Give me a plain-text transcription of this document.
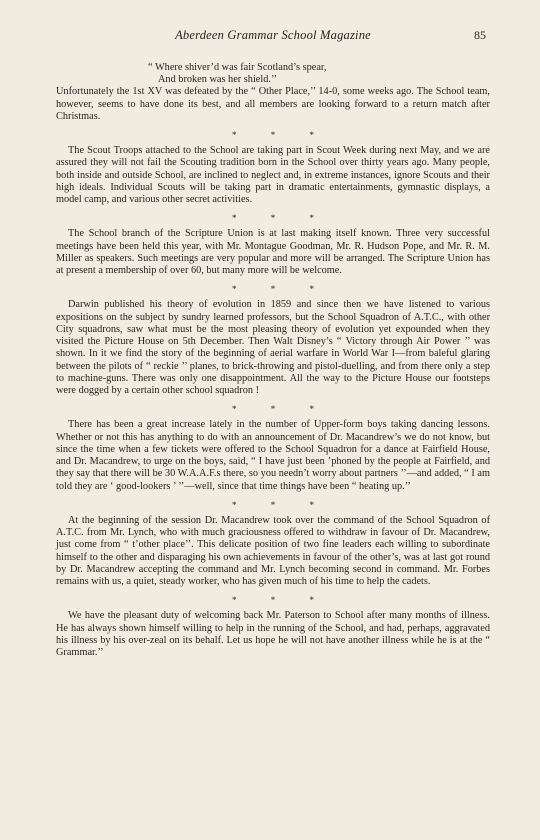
Aberdeen Grammar School Magazine	85
“ Where shiver’d was fair Scotland’s spear,
And broken was her shield.’’

Unfortunately the 1st XV was defeated by the “ Other Place,’’ 14-0, some weeks ago. The School team, however, seems to have done its best, and all members are looking forward to a return match after Christmas.

* * *

The Scout Troops attached to the School are taking part in Scout Week during next May, and we are assured they will not fail the Scouting tradition born in the School over thirty years ago. Many people, both inside and outside School, are inclined to neglect and, in extreme instances, ignore Scouts and their high ideals. Individual Scouts will be taking part in dramatic entertainments, gymnastic displays, a model camp, and various other secret activities.

* * *

The School branch of the Scripture Union is at last making itself known. Three very successful meetings have been held this year, with Mr. Montague Goodman, Mr. R. Hudson Pope, and Mr. R. M. Miller as speakers. Such meetings are very popular and more will be arranged. The Scripture Union has at present a membership of over 60, but many more will be welcome.

* * *

Darwin published his theory of evolution in 1859 and since then we have listened to various expositions on the subject by sundry learned professors, but the School Squadron of A.T.C., with other City squadrons, saw what must be the most pleasing theory of evolution yet expounded when they visited the Picture House on 5th December. Then Walt Disney’s “ Victory through Air Power ’’ was shown. In it we find the story of the beginning of aerial warfare in World War I—from baleful glaring between the pilots of “ reckie ’’ planes, to brick-throwing and pistol-duelling, and from there only a step to machine-guns. There was only one disappointment. All the way to the Picture House our footsteps were dogged by a certain other school squadron !

* * *

There has been a great increase lately in the number of Upper-form boys taking dancing lessons. Whether or not this has anything to do with an announcement of Dr. Macandrew’s we do not know, but since the time when a few tickets were offered to the School Squadron for a dance at Fairfield House, and Dr. Macandrew, to urge on the boys, said, “ I have just been ’phoned by the people at Fairfield, and they say that there will be 30 W.A.A.F.s there, so you needn’t worry about partners ’’—and added, “ I am told they are ‘ good-lookers ’ ’’—well, since that time things have been “ heating up.’’

* * *

At the beginning of the session Dr. Macandrew took over the command of the School Squadron of A.T.C. from Mr. Lynch, who with much graciousness offered to withdraw in favour of Dr. Macandrew, just come from “ t’other place’’. This delicate position of two fine leaders each willing to subordinate himself to the other and disparaging his own achievements in favour of the other’s, was at last got round by Dr. Macandrew accepting the command and Mr. Lynch becoming second in command. Mr. Forbes remains with us, a quiet, steady worker, who has given much of his time to help the cadets.

* * *

We have the pleasant duty of welcoming back Mr. Paterson to School after many months of illness. He has always shown himself willing to help in the running of the School, and had, perhaps, aggravated his illness by his over-zeal on its behalf. Let us hope he will not have another illness while he is at the “ Grammar.’’
